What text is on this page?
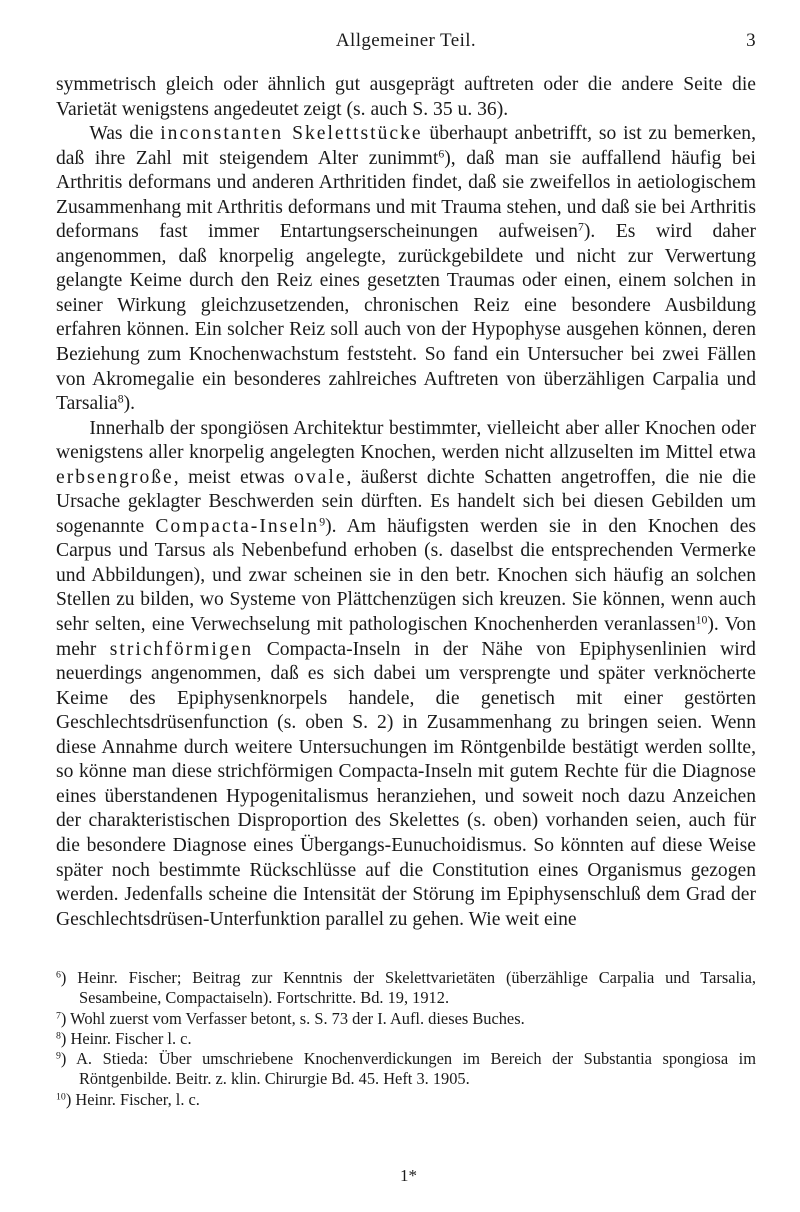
Allgemeiner Teil.	3

symmetrisch gleich oder ähnlich gut ausgeprägt auftreten oder die andere Seite die Varietät wenigstens angedeutet zeigt (s. auch S. 35 u. 36).

Was die inconstanten Skelettstücke überhaupt anbetrifft, so ist zu bemerken, daß ihre Zahl mit steigendem Alter zunimmt$^6$), daß man sie auffallend häufig bei Arthritis deformans und anderen Arthritiden findet, daß sie zweifellos in aetiologischem Zusammenhang mit Arthritis deformans und mit Trauma stehen, und daß sie bei Arthritis deformans fast immer Entartungserscheinungen aufweisen$^7$). Es wird daher angenommen, daß knorpelig angelegte, zurückgebildete und nicht zur Verwertung gelangte Keime durch den Reiz eines gesetzten Traumas oder einen, einem solchen in seiner Wirkung gleichzusetzenden, chronischen Reiz eine besondere Ausbildung erfahren können. Ein solcher Reiz soll auch von der Hypophyse ausgehen können, deren Beziehung zum Knochenwachstum feststeht. So fand ein Untersucher bei zwei Fällen von Akromegalie ein besonderes zahlreiches Auftreten von überzähligen Carpalia und Tarsalia$^8$).

Innerhalb der spongiösen Architektur bestimmter, vielleicht aber aller Knochen oder wenigstens aller knorpelig angelegten Knochen, werden nicht allzuselten im Mittel etwa erbsengroße, meist etwas ovale, äußerst dichte Schatten angetroffen, die nie die Ursache geklagter Beschwerden sein dürften. Es handelt sich bei diesen Gebilden um sogenannte Compacta-Inseln$^9$). Am häufigsten werden sie in den Knochen des Carpus und Tarsus als Nebenbefund erhoben (s. daselbst die entsprechenden Vermerke und Abbildungen), und zwar scheinen sie in den betr. Knochen sich häufig an solchen Stellen zu bilden, wo Systeme von Plättchenzügen sich kreuzen. Sie können, wenn auch sehr selten, eine Verwechselung mit pathologischen Knochenherden veranlassen$^{10}$). Von mehr strichförmigen Compacta-Inseln in der Nähe von Epiphysenlinien wird neuerdings angenommen, daß es sich dabei um versprengte und später verknöcherte Keime des Epiphysenknorpels handele, die genetisch mit einer gestörten Geschlechtsdrüsenfunction (s. oben S. 2) in Zusammenhang zu bringen seien. Wenn diese Annahme durch weitere Untersuchungen im Röntgenbilde bestätigt werden sollte, so könne man diese strichförmigen Compacta-Inseln mit gutem Rechte für die Diagnose eines überstandenen Hypogenitalismus heranziehen, und soweit noch dazu Anzeichen der charakteristischen Disproportion des Skelettes (s. oben) vorhanden seien, auch für die besondere Diagnose eines Übergangs-Eunuchoidismus. So könnten auf diese Weise später noch bestimmte Rückschlüsse auf die Constitution eines Organismus gezogen werden. Jedenfalls scheine die Intensität der Störung im Epiphysenschluß dem Grad der Geschlechtsdrüsen-Unterfunktion parallel zu gehen. Wie weit eine

$^6$) Heinr. Fischer; Beitrag zur Kenntnis der Skelettvarietäten (überzählige Carpalia und Tarsalia, Sesambeine, Compactaiseln). Fortschritte. Bd. 19, 1912.

$^7$) Wohl zuerst vom Verfasser betont, s. S. 73 der I. Aufl. dieses Buches.

$^8$) Heinr. Fischer l. c.

$^9$) A. Stieda: Über umschriebene Knochenverdickungen im Bereich der Substantia spongiosa im Röntgenbilde. Beitr. z. klin. Chirurgie Bd. 45. Heft 3. 1905.

$^{10}$) Heinr. Fischer, l. c.

1*
